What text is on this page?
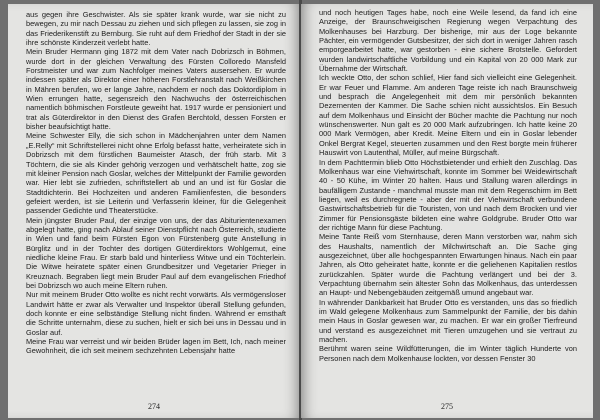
aus gegen ihre Geschwister. Als sie später krank wurde, war sie nicht zu bewegen, zu mir nach Dessau zu ziehen und sich pflegen zu lassen, sie zog in das Friederikenstift zu Bernburg. Sie ruht auf dem Friedhof der Stadt in der sie ihre schönste Kinderzeit verlebt hatte.

Mein Bruder Hermann ging 1872 mit dem Vater nach Dobrizsch in Böhmen, wurde dort in der gleichen Verwaltung des Fürsten Colloredo Mansfeld Forstmeister und war zum Nachfolger meines Vaters ausersehen. Er wurde indessen später als Direktor einer höheren Forstlehranstalt nach Weißkirchen in Mähren berufen, wo er lange Jahre, nachdem er noch das Doktordiplom in Wien errungen hatte, segensreich den Nachwuchs der österreichischen namentlich böhmischen Forstleute geweiht hat. 1917 wurde er pensioniert und trat als Güterdirektor in den Dienst des Grafen Berchtold, dessen Forsten er bisher beaufsichtigt hatte.

Meine Schwester Elly, die sich schon in Mädchenjahren unter dem Namen „E.Relly“ mit Schriftstellerei nicht ohne Erfolg befasst hatte, verheiratete sich in Dobrizsch mit dem fürstlichen Baumeister Atasch, der früh starb. Mit 3 Töchtern, die sie als Kinder gehörig verzogen und verhätschelt hatte, zog sie mit kleiner Pension nach Goslar, welches der Mittelpunkt der Familie geworden war. Hier lebt sie zufrieden, schriftstellert ab und an und ist für Goslar die Stadtdichterin. Bei Hochzeiten und anderen Familienfesten, die besonders gefeiert werden, ist sie Leiterin und Verfasserin kleiner, für die Gelegenheit passender Gedichte und Theaterstücke.

Mein jüngster Bruder Paul, der einzige von uns, der das Abiturientenexamen abgelegt hatte, ging nach Ablauf seiner Dienstpflicht nach Österreich, studierte in Wien und fand beim Fürsten Egon von Fürstenberg gute Anstellung in Bürglitz und in der Tochter des dortigen Güterdirektors Wohlgemut, eine niedliche kleine Frau. Er starb bald und hinterliess Witwe und ein Töchterlein. Die Witwe heiratete später einen Grundbesitzer und Vegetarier Prieger in Kreuznach. Begraben liegt mein Bruder Paul auf dem evangelischen Friedhof bei Dobrizsch wo auch meine Eltern ruhen.

Nur mit meinem Bruder Otto wollte es nicht recht vorwärts. Als vermögensloser Landwirt hätte er zwar als Verwalter und Inspektor überall Stellung gefunden, doch konnte er eine selbständige Stellung nicht finden. Während er emsthaft die Schritte unternahm, diese zu suchen, hielt er sich bei uns in Dessau und in Goslar auf.

Meine Frau war verreist und wir beiden Brüder lagen im Bett, Ich, nach meiner Gewohnheit, die ich seit meinem sechzehnten Lebensjahr hatte

274

und noch heutigen Tages habe, noch eine Weile lesend, da fand ich eine Anzeige, der Braunschweigischen Regierung wegen Verpachtung des Molkenhauses bei Harzburg. Der bisherige, mir aus der Loge bekannte Pächter, ein vermögender Gutsbesitzer, der sich dort in weniger Jahren rasch emporgearbeitet hatte, war gestorben - eine sichere Brotstelle. Gefordert wurden landwirtschaftliche Vorbildung und ein Kapital von 20 000 Mark zur Übernahme der Wirtschaft.

Ich weckte Otto, der schon schlief, Hier fand sich vielleicht eine Gelegenheit. Er war Feuer und Flamme. Am anderen Tage reiste ich nach Braunschweig und besprach die Angelegenheit mit dem mir persönlich bekannten Dezernenten der Kammer. Die Sache schien nicht aussichtslos. Ein Besuch auf dem Molkenhaus und Einsicht der Bücher machte die Pachtung nur noch wünschenswerter. Nun galt es 20 000 Mark aufzubringen. Ich hatte keine 20 000 Mark Vermögen, aber Kredit. Meine Eltern und ein in Goslar lebender Onkel Bergrat Kegel, steuerten zusammen und den Rest borgte mein früherer Hauswirt von Lautenthal, Müller, auf meine Bürgschaft.

In dem Pachttermin blieb Otto Höchstbietender und erhielt den Zuschlag. Das Molkenhaus war eine Viehwirtschaft, konnte im Sommer bei Weidewirtschaft 40 - 50 Kühe, im Winter 20 halten. Haus und Stallung waren allerdings in baufälligem Zustande - manchmal musste man mit dem Regenschirm im Bett liegen, weil es durchregnete - aber der mit der Viehwirtschaft verbundene Gastwirtschaftsbetrieb für die Touristen, von und nach dem Brocken und vier Zimmer für Pensionsgäste bildeten eine wahre Goldgrube. Bruder Otto war der richtige Mann für diese Pachtung.

Meine Tante Reiß vom Sternhause, deren Mann verstorben war, nahm sich des Haushalts, namentlich der Milchwirtschaft an. Die Sache ging ausgezeichnet, über alle hochgespannten Erwartungen hinaus. Nach ein paar Jahren, als Otto geheiratet hatte, konnte er die geliehenen Kapitalien restlos zurückzahlen. Später wurde die Pachtung verlängert und bei der 3. Verpachtung übernahm sein ältester Sohn das Molkenhaus, das unterdessen an Haupt- und Nebengebäuden zeitgemäß umund angebaut war.

In währender Dankbarkeit hat Bruder Otto es verstanden, uns das so friedlich im Wald gelegene Molkenhaus zum Sammelpunkt der Familie, der bis dahin mein Haus in Goslar gewesen war, zu machen. Er war ein großer Tierfreund und verstand es ausgezeichnet mit Tieren umzugehen und sie vertraut zu machen.

Berühmt waren seine Wildfütterungen, die im Winter täglich Hunderte von Personen nach dem Molkenhause lockten, vor dessen Fenster 30

275
